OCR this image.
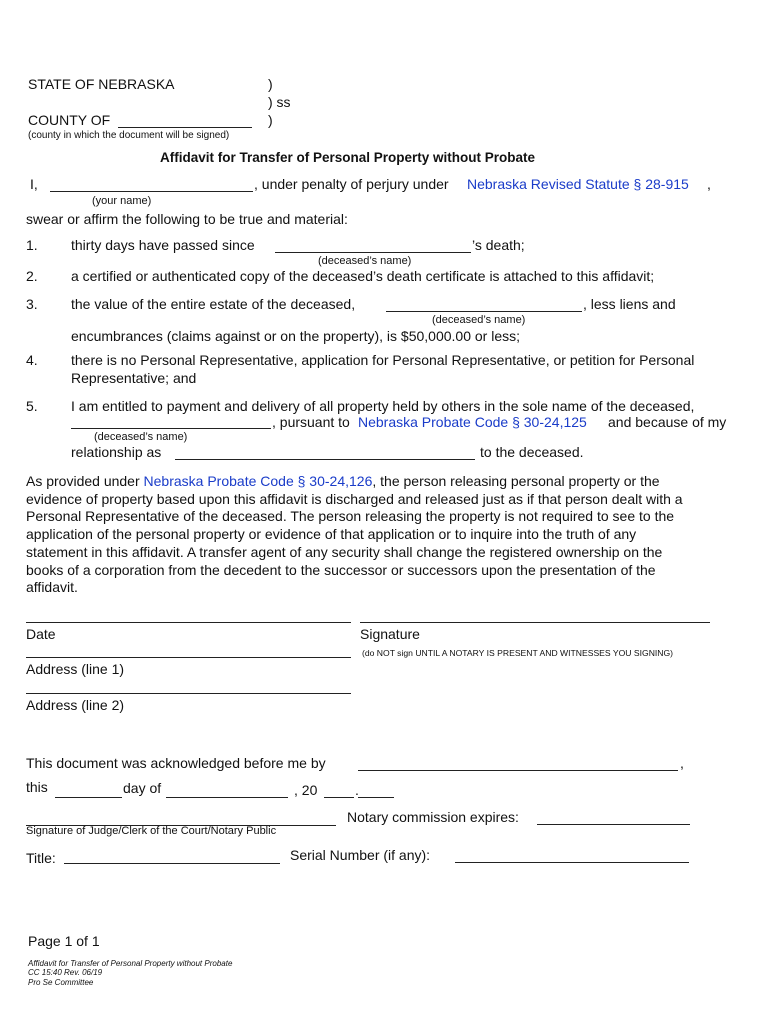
STATE OF NEBRASKA	)
) ss
)
COUNTY OF
(county in which the document will be signed)
Affidavit for Transfer of Personal Property without Probate
I,	, under penalty of perjury under Nebraska Revised Statute § 28-915 ,
(your name)
swear or affirm the following to be true and material:
1. thirty days have passed since	’s death;
(deceased’s name)
2. a certified or authenticated copy of the deceased’s death certificate is attached to this affidavit;
3. the value of the entire estate of the deceased,	, less liens and
(deceased’s name)
encumbrances (claims against or on the property), is $50,000.00 or less;
4. there is no Personal Representative, application for Personal Representative, or petition for Personal
Representative; and
5. I am entitled to payment and delivery of all property held by others in the sole name of the deceased,
, pursuant to Nebraska Probate Code § 30-24,125 and because of my
(deceased’s name)
relationship as	to the deceased.
As provided under Nebraska Probate Code § 30-24,126, the person releasing personal property or the
evidence of property based upon this affidavit is discharged and released just as if that person dealt with a
Personal Representative of the deceased. The person releasing the property is not required to see to the
application of the personal property or evidence of that application or to inquire into the truth of any
statement in this affidavit. A transfer agent of any security shall change the registered ownership on the
books of a corporation from the decedent to the successor or successors upon the presentation of the
affidavit.
Date	Signature
(do NOT sign UNTIL A NOTARY IS PRESENT AND WITNESSES YOU SIGNING)
Address (line 1)
Address (line 2)
This document was acknowledged before me by	,
this	day of	, 20	.
Notary commission expires:
Signature of Judge/Clerk of the Court/Notary Public
Title:	Serial Number (if any):
Page 1 of 1
Affidavit for Transfer of Personal Property without Probate
CC 15:40 Rev. 06/19
Pro Se Committee
